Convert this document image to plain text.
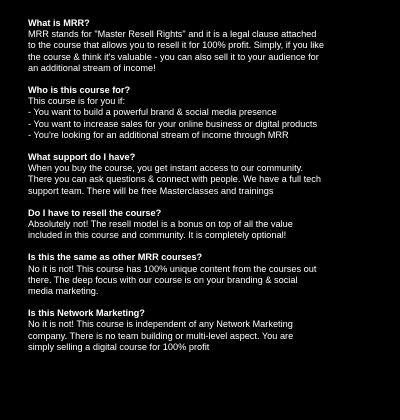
What is MRR?
MRR stands for "Master Resell Rights" and it is a legal clause attached
to the course that allows you to resell it for 100% profit. Simply, if you like
the course & think it's valuable - you can also sell it to your audience for
an additional stream of income!
Who is this course for?
This course is for you if:
- You want to build a powerful brand & social media presence
- You want to increase sales for your online business or digital products
- You're looking for an additional stream of income through MRR
What support do I have?
When you buy the course, you get instant access to our community.
There you can ask questions & connect with people. We have a full tech
support team. There will be free Masterclasses and trainings
Do I have to resell the course?
Absolutely not! The resell model is a bonus on top of all the value
included in this course and community. It is completely optional!
Is this the same as other MRR courses?
No it is not! This course has 100% unique content from the courses out
there. The deep focus with our course is on your branding & social
media marketing.
Is this Network Marketing?
No it is not! This course is independent of any Network Marketing
company. There is no team building or multi-level aspect. You are
simply selling a digital course for 100% profit
